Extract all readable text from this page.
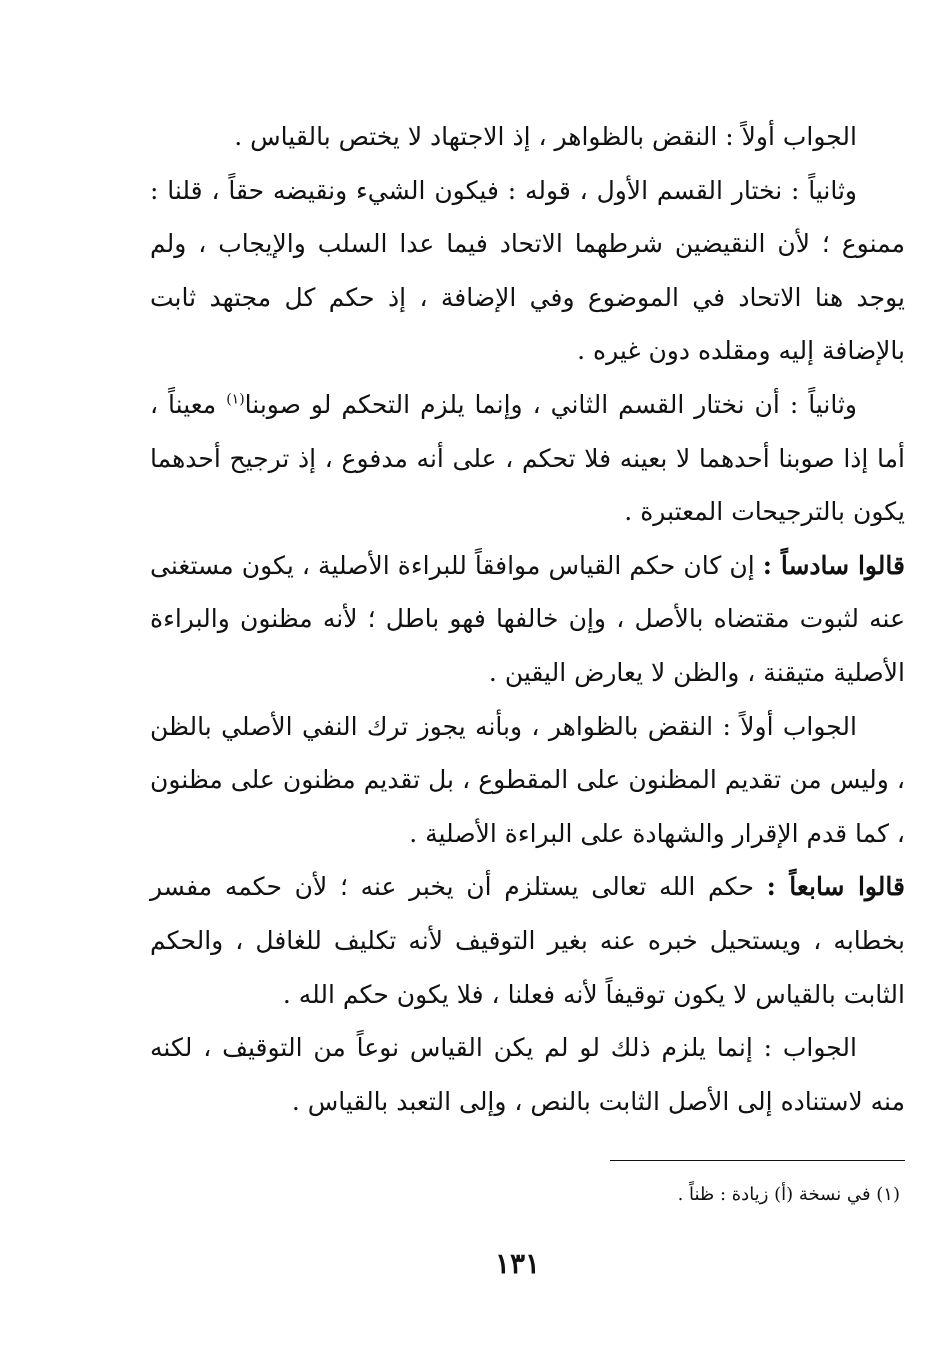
الجواب أولاً : النقض بالظواهر ، إذ الاجتهاد لا يختص بالقياس .

وثانياً : نختار القسم الأول ، قوله : فيكون الشيء ونقيضه حقاً ، قلنا : ممنوع ؛ لأن النقيضين شرطهما الاتحاد فيما عدا السلب والإيجاب ، ولم يوجد هنا الاتحاد في الموضوع وفي الإضافة ، إذ حكم كل مجتهد ثابت بالإضافة إليه ومقلده دون غيره .

وثانياً : أن نختار القسم الثاني ، وإنما يلزم التحكم لو صوبنا$^{(١)}$ معيناً ، أما إذا صوبنا أحدهما لا بعينه فلا تحكم ، على أنه مدفوع ، إذ ترجيح أحدهما يكون بالترجيحات المعتبرة .

قالوا سادساً : إن كان حكم القياس موافقاً للبراءة الأصلية ، يكون مستغنى عنه لثبوت مقتضاه بالأصل ، وإن خالفها فهو باطل ؛ لأنه مظنون والبراءة الأصلية متيقنة ، والظن لا يعارض اليقين .

الجواب أولاً : النقض بالظواهر ، وبأنه يجوز ترك النفي الأصلي بالظن ، وليس من تقديم المظنون على المقطوع ، بل تقديم مظنون على مظنون ، كما قدم الإقرار والشهادة على البراءة الأصلية .

قالوا سابعاً : حكم الله تعالى يستلزم أن يخبر عنه ؛ لأن حكمه مفسر بخطابه ، ويستحيل خبره عنه بغير التوقيف لأنه تكليف للغافل ، والحكم الثابت بالقياس لا يكون توقيفاً لأنه فعلنا ، فلا يكون حكم الله .

الجواب : إنما يلزم ذلك لو لم يكن القياس نوعاً من التوقيف ، لكنه منه لاستناده إلى الأصل الثابت بالنص ، وإلى التعبد بالقياس .

(١) في نسخة (أ) زيادة : ظناً .
١٣١
